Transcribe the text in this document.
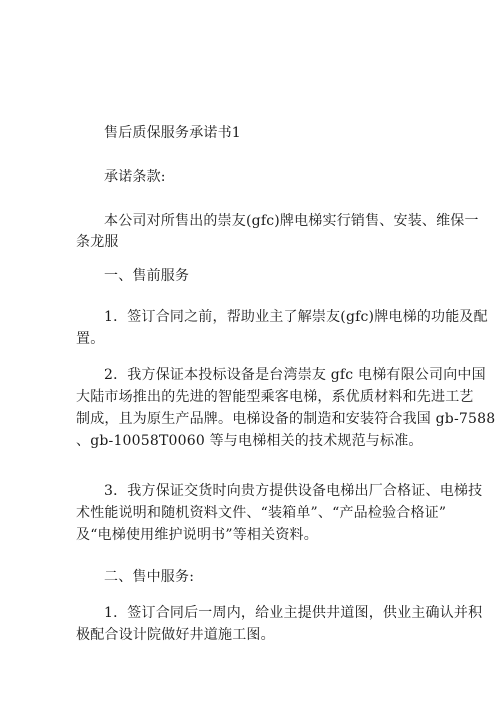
售后质保服务承诺书1
承诺条款:
本公司对所售出的崇友(gfc)牌电梯实行销售、安装、维保一
条龙服
一、售前服务
1．签订合同之前，帮助业主了解崇友(gfc)牌电梯的功能及配
置。
2．我方保证本投标设备是台湾崇友 gfc 电梯有限公司向中国
大陆市场推出的先进的智能型乘客电梯，系优质材料和先进工艺
制成，且为原生产品牌。电梯设备的制造和安装符合我国 gb-7588
、gb-10058T0060 等与电梯相关的技术规范与标准。
3．我方保证交货时向贵方提供设备电梯出厂合格证、电梯技
术性能说明和随机资料文件、“装箱单”、“产品检验合格证”
及“电梯使用维护说明书”等相关资料。
二、售中服务:
1．签订合同后一周内，给业主提供井道图，供业主确认并积
极配合设计院做好井道施工图。
